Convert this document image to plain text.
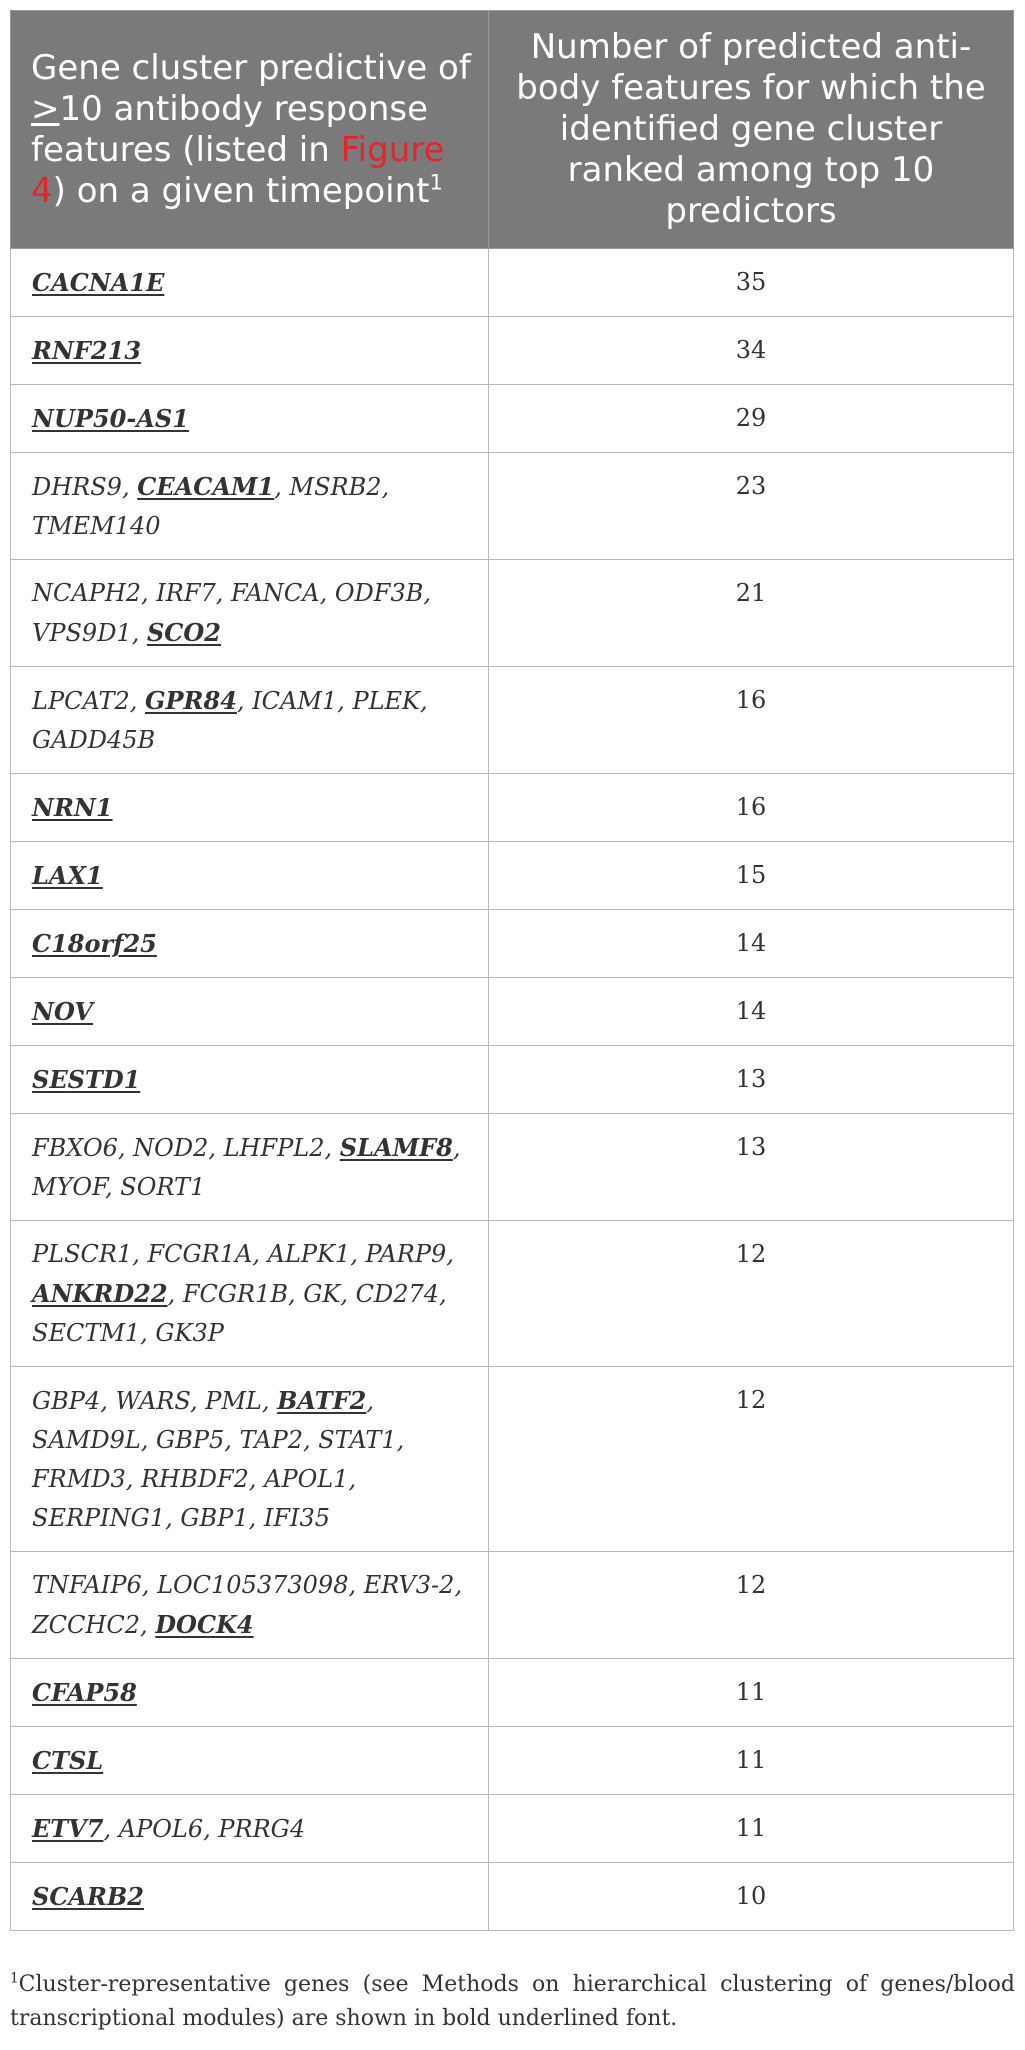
Gene cluster predictive of >10 antibody response features (listed in Figure 4) on a given timepoint$^1$	Number of predicted anti-body features for which the identified gene cluster ranked among top 10 predictors
CACNA1E	35
RNF213	34
NUP50-AS1	29
DHRS9, CEACAM1, MSRB2, TMEM140	23
NCAPH2, IRF7, FANCA, ODF3B, VPS9D1, SCO2	21
LPCAT2, GPR84, ICAM1, PLEK, GADD45B	16
NRN1	16
LAX1	15
C18orf25	14
NOV	14
SESTD1	13
FBXO6, NOD2, LHFPL2, SLAMF8, MYOF, SORT1	13
PLSCR1, FCGR1A, ALPK1, PARP9, ANKRD22, FCGR1B, GK, CD274, SECTM1, GK3P	12
GBP4, WARS, PML, BATF2, SAMD9L, GBP5, TAP2, STAT1, FRMD3, RHBDF2, APOL1, SERPING1, GBP1, IFI35	12
TNFAIP6, LOC105373098, ERV3-2, ZCCHC2, DOCK4	12
CFAP58	11
CTSL	11
ETV7, APOL6, PRRG4	11
SCARB2	10
$^1$Cluster-representative genes (see Methods on hierarchical clustering of genes/blood transcriptional modules) are shown in bold underlined font.
